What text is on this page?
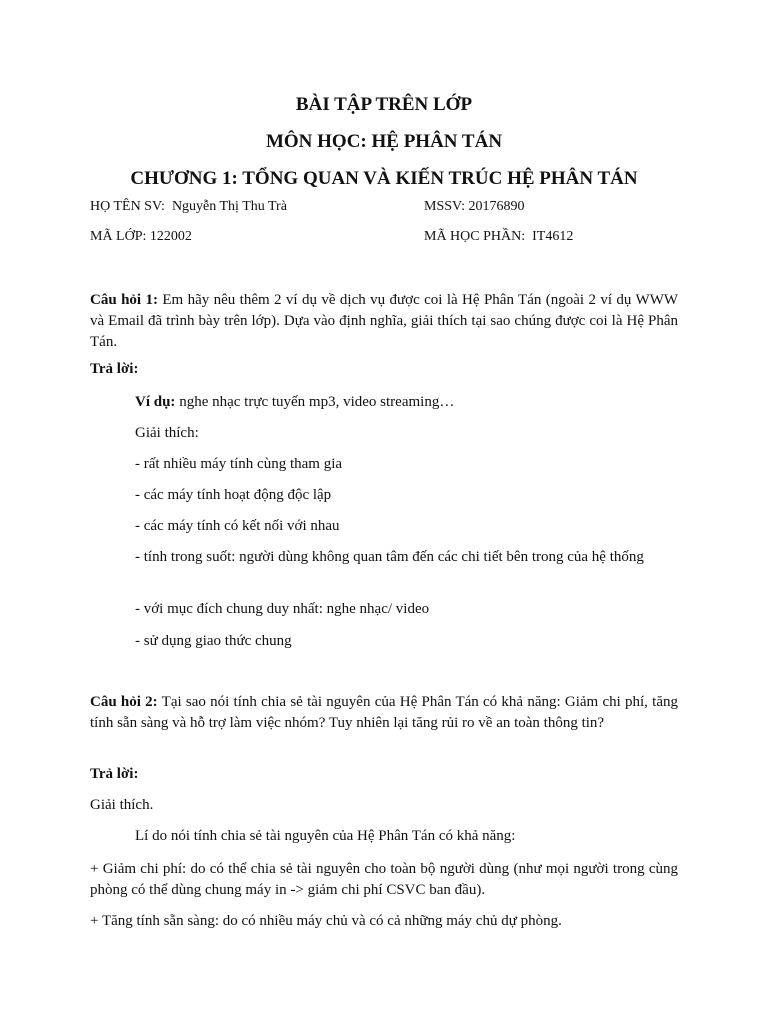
BÀI TẬP TRÊN LỚP
MÔN HỌC: HỆ PHÂN TÁN
CHƯƠNG 1: TỔNG QUAN VÀ KIẾN TRÚC HỆ PHÂN TÁN
HỌ TÊN SV: Nguyễn Thị Thu Trà	MSSV: 20176890
MÃ LỚP: 122002	MÃ HỌC PHẦN: IT4612

Câu hỏi 1: Em hãy nêu thêm 2 ví dụ về dịch vụ được coi là Hệ Phân Tán (ngoài 2 ví dụ WWW và Email đã trình bày trên lớp). Dựa vào định nghĩa, giải thích tại sao chúng được coi là Hệ Phân Tán.

Trả lời:

Ví dụ: nghe nhạc trực tuyến mp3, video streaming…

Giải thích:

- rất nhiều máy tính cùng tham gia

- các máy tính hoạt động độc lập

- các máy tính có kết nối với nhau

- tính trong suốt: người dùng không quan tâm đến các chi tiết bên trong của hệ thống

- với mục đích chung duy nhất: nghe nhạc/ video

- sử dụng giao thức chung

Câu hỏi 2: Tại sao nói tính chia sẻ tài nguyên của Hệ Phân Tán có khả năng: Giảm chi phí, tăng tính sẵn sàng và hỗ trợ làm việc nhóm? Tuy nhiên lại tăng rủi ro về an toàn thông tin?

Trả lời:

Giải thích.

Lí do nói tính chia sẻ tài nguyên của Hệ Phân Tán có khả năng:

+ Giảm chi phí: do có thể chia sẻ tài nguyên cho toàn bộ người dùng (như mọi người trong cùng phòng có thể dùng chung máy in -> giảm chi phí CSVC ban đầu).

+ Tăng tính sẵn sàng: do có nhiều máy chủ và có cả những máy chủ dự phòng.
